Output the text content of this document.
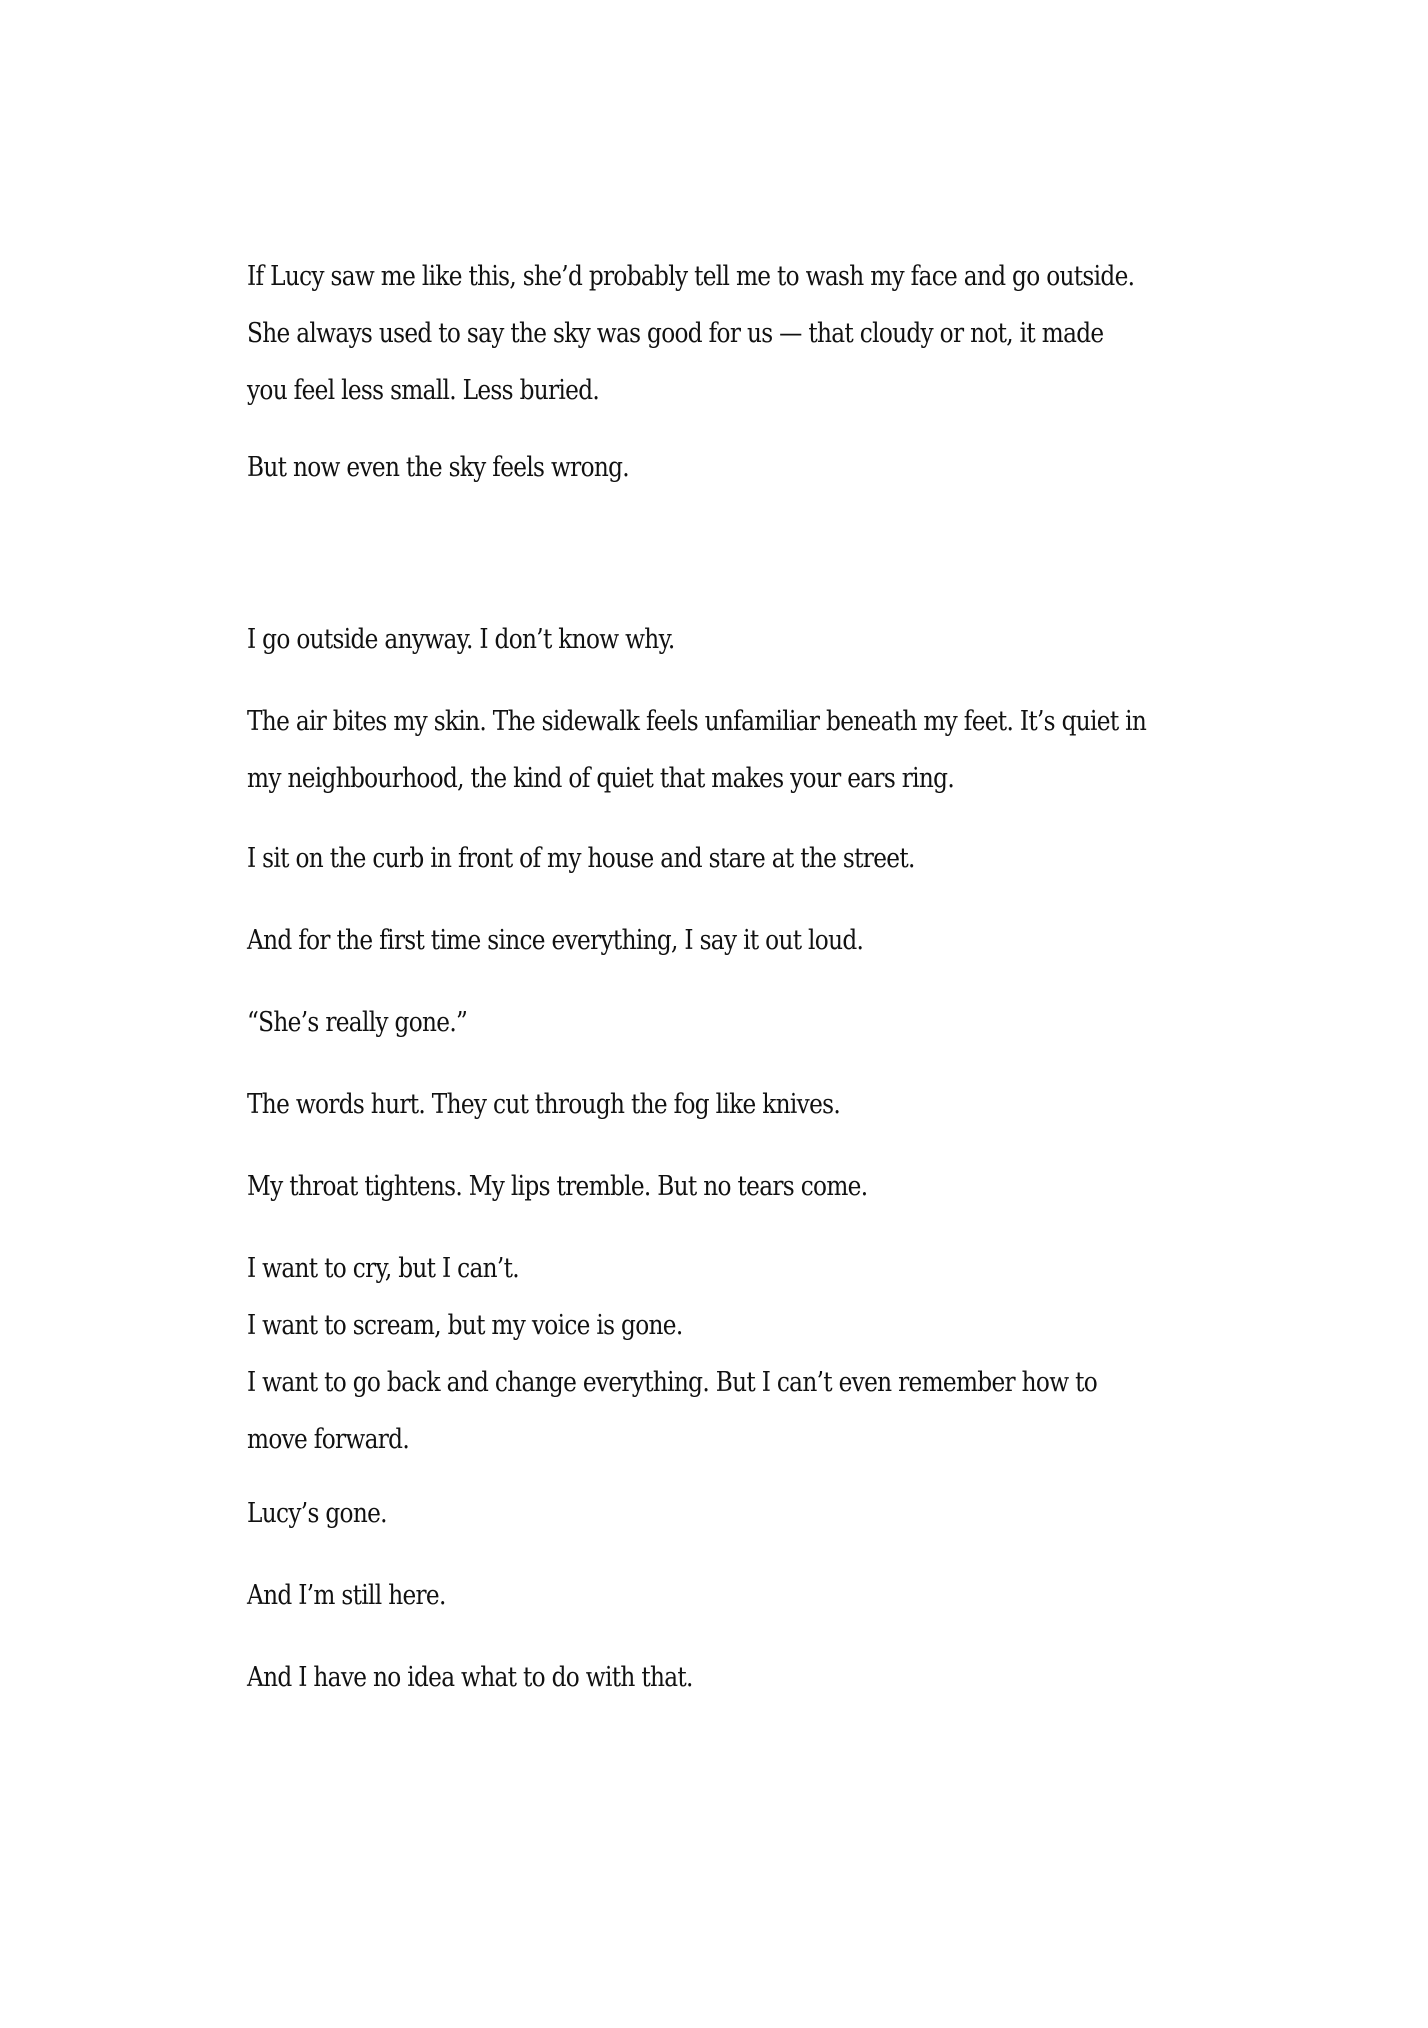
If Lucy saw me like this, she’d probably tell me to wash my face and go outside.
She always used to say the sky was good for us — that cloudy or not, it made
you feel less small. Less buried.
But now even the sky feels wrong.
I go outside anyway. I don’t know why.
The air bites my skin. The sidewalk feels unfamiliar beneath my feet. It’s quiet in
my neighbourhood, the kind of quiet that makes your ears ring.
I sit on the curb in front of my house and stare at the street.
And for the first time since everything, I say it out loud.
“She’s really gone.”
The words hurt. They cut through the fog like knives.
My throat tightens. My lips tremble. But no tears come.
I want to cry, but I can’t.
I want to scream, but my voice is gone.
I want to go back and change everything. But I can’t even remember how to
move forward.
Lucy’s gone.
And I’m still here.
And I have no idea what to do with that.
